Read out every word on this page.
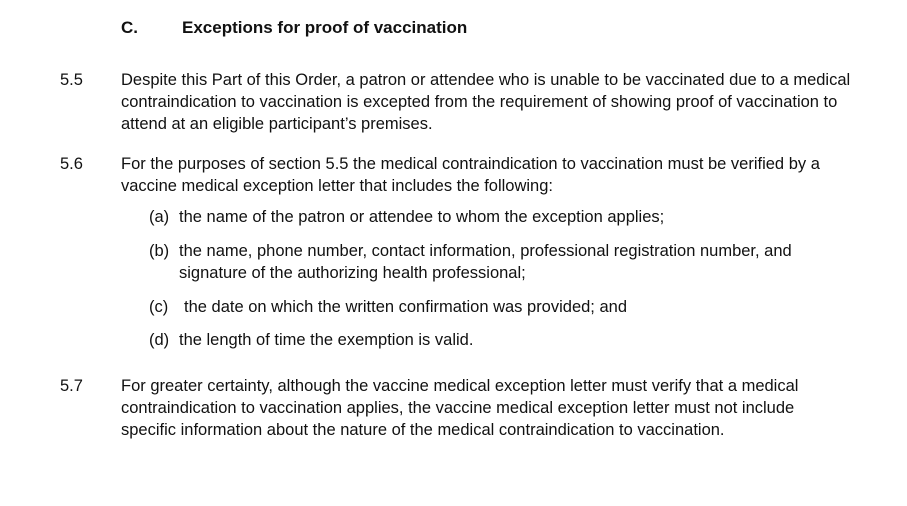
C.	Exceptions for proof of vaccination
5.5 Despite this Part of this Order, a patron or attendee who is unable to be vaccinated due to a medical contraindication to vaccination is excepted from the requirement of showing proof of vaccination to attend at an eligible participant’s premises.
5.6 For the purposes of section 5.5 the medical contraindication to vaccination must be verified by a vaccine medical exception letter that includes the following:
(a) the name of the patron or attendee to whom the exception applies;
(b) the name, phone number, contact information, professional registration number, and signature of the authorizing health professional;
(c) the date on which the written confirmation was provided; and
(d) the length of time the exemption is valid.
5.7 For greater certainty, although the vaccine medical exception letter must verify that a medical contraindication to vaccination applies, the vaccine medical exception letter must not include specific information about the nature of the medical contraindication to vaccination.
